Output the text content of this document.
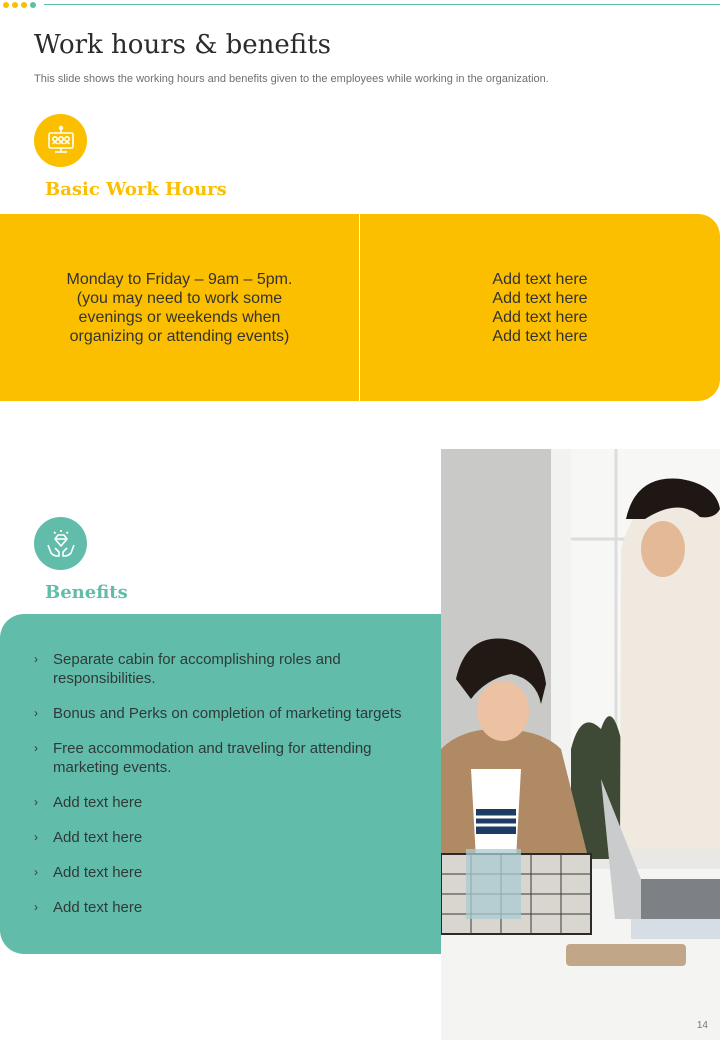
Work hours & benefits
This slide shows the working hours and benefits given to the employees while working in the organization.
Basic Work Hours
Monday to Friday – 9am – 5pm.(you may need to work some evenings or weekends when organizing or attending events)
Add text here
Add text here
Add text here
Add text here
Benefits
›	Separate cabin for accomplishing roles and responsibilities.
›	Bonus and Perks on completion of marketing targets
›	Free accommodation and traveling for attending marketing events.
›	Add text here
›	Add text here
›	Add text here
›	Add text here
14
